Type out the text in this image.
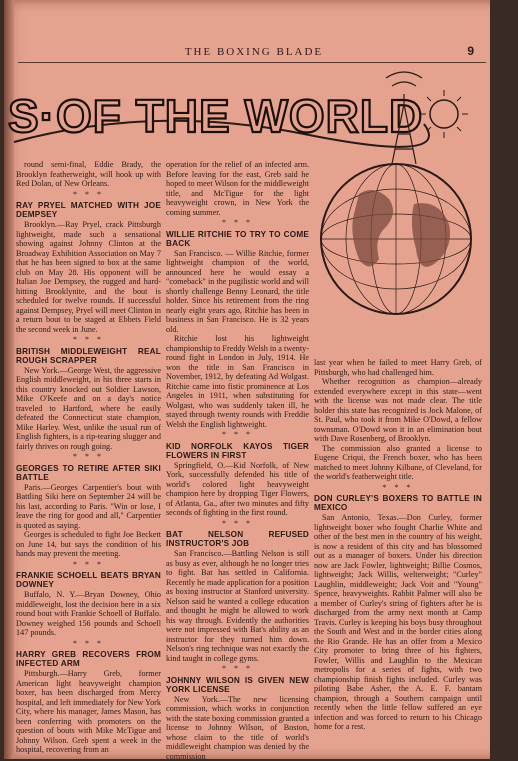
THE BOXING BLADE	9
S·OF THE WORLD

round semi-final, Eddie Brady, the Brooklyn featherweight, will hook up with Red Dolan, of New Orleans.

* * *
RAY PRYEL MATCHED WITH JOE DEMPSEY

Brooklyn.—Ray Pryel, crack Pittsburgh lightweight, made such a sensational showing against Johnny Clinton at the Broadway Exhibition Association on May 7 that he has been signed to box at the same club on May 28. His opponent will be Italian Joe Dempsey, the rugged and hard-hitting Brooklynite, and the bout is scheduled for twelve rounds. If successful against Dempsey, Pryel will meet Clinton in a return bout to be staged at Ebbets Field the second week in June.

* * *
BRITISH MIDDLEWEIGHT REAL ROUGH SCRAPPER

New York.—George West, the aggressive English middleweight, in his three starts in this country knocked out Soldier Lawson, Mike O'Keefe and on a day's notice traveled to Hartford, where he easily defeated the Connecticut state champion, Mike Harley. West, unlike the usual run of English fighters, is a rip-tearing slugger and fairly thrives on rough going.

* * *
GEORGES TO RETIRE AFTER SIKI BATTLE

Paris.—Georges Carpentier's bout with Battling Siki here on September 24 will be his last, according to Paris. "Win or lose, I leave the ring for good and all," Carpentier is quoted as saying.

Georges is scheduled to fight Joe Beckett on June 14, but says the condition of his hands may prevent the meeting.

* * *
FRANKIE SCHOELL BEATS BRYAN DOWNEY

Buffalo, N. Y.—Bryan Downey, Ohio middleweight, lost the decision here in a six round bout with Frankie Schoell of Buffalo. Downey weighed 156 pounds and Schoell 147 pounds.

* * *
HARRY GREB RECOVERS FROM INFECTED ARM

Pittsburgh.—Harry Greb, former American light heavyweight champion boxer, has been discharged from Mercy hospital, and left immediately for New York City, where his manager, James Mason, has been conferring with promoters on the question of bouts with Mike McTigue and Johnny Wilson. Greb spent a week in the hospital, recovering from an

operation for the relief of an infected arm. Before leaving for the east, Greb said he hoped to meet Wilson for the middleweight title, and McTigue for the light heavyweight crown, in New York the coming summer.

* * *
WILLIE RITCHIE TO TRY TO COME BACK

San Francisco. — Willie Ritchie, former lightweight champion of the world, announced here he would essay a "comeback" in the pugilistic world and will shortly challenge Benny Leonard, the title holder. Since his retirement from the ring nearly eight years ago, Ritchie has been in business in San Francisco. He is 32 years old.

Ritchie lost his lightweight championship to Freddy Welsh in a twenty-round fight in London in July, 1914. He won the title in San Francisco in November, 1912, by defeating Ad Wolgast. Ritchie came into fistic prominence at Los Angeles in 1911, when substituting for Wolgast, who was suddenly taken ill, he stayed through twenty rounds with Freddie Welsh the English lightweight.

* * *
KID NORFOLK KAYOS TIGER FLOWERS IN FIRST

Springfield, O.—Kid Norfolk, of New York, successfully defended his title of world's colored light heavyweight champion here by dropping Tiger Flowers, of Atlanta, Ga., after two minutes and fifty seconds of fighting in the first round.

* * *
BAT NELSON REFUSED INSTRUCTOR'S JOB

San Francisco.—Battling Nelson is still as busy as ever, although he no longer tries to fight. Bat has settled in California. Recently he made application for a position as boxing instructor at Stanford university. Nelson said he wanted a college education and thought he might be allowed to work his way through. Evidently the authorities were not impressed with Bat's ability as an instructor for they turned him down. Nelson's ring technique was not exactly the kind taught in college gyms.

* * *
JOHNNY WILSON IS GIVEN NEW YORK LICENSE

New York.—The new licensing commission, which works in conjunction with the state boxing commission granted a license to Johnny Wilson, of Boston, whose claim to the title of world's middleweight champion was denied by the commission

last year when he failed to meet Harry Greb, of Pittsburgh, who had challenged him.

Whether recognition as champion—already extended everywhere except in this state—went with the license was not made clear. The title holder this state has recognized is Jock Malone, of St. Paul, who took it from Mike O'Dowd, a fellow townsman. O'Dowd won it in an elimination bout with Dave Rosenberg, of Brooklyn.

The commission also granted a license to Eugene Criqui, the French boxer, who has been matched to meet Johnny Kilbane, of Cleveland, for the world's featherweight title.

* * *
DON CURLEY'S BOXERS TO BATTLE IN MEXICO

San Antonio, Texas.—Don Curley, former lightweight boxer who fought Charlie White and other of the best men in the country of his weight, is now a resident of this city and has blossomed out as a manager of boxers. Under his direction now are Jack Fowler, lightweight; Billie Cosmos, lightweight; Jack Willis, welterweight; "Curley" Laughlin, middleweight; Jack Voit and "Young" Spence, heavyweights. Rabbit Palmer will also be a member of Curley's string of fighters after he is discharged from the army next month at Camp Travis. Curley is keeping his boys busy throughout the South and West and in the border cities along the Rio Grande. He has an offer from a Mexico City promoter to bring three of his fighters, Fowler, Willis and Laughlin to the Mexican metropolis for a series of fights, with two championship finish fights included. Curley was piloting Babe Asher, the A. E. F. bantam champion, through a Southern campaign until recently when the little fellow suffered an eye infection and was forced to return to his Chicago home for a rest.
